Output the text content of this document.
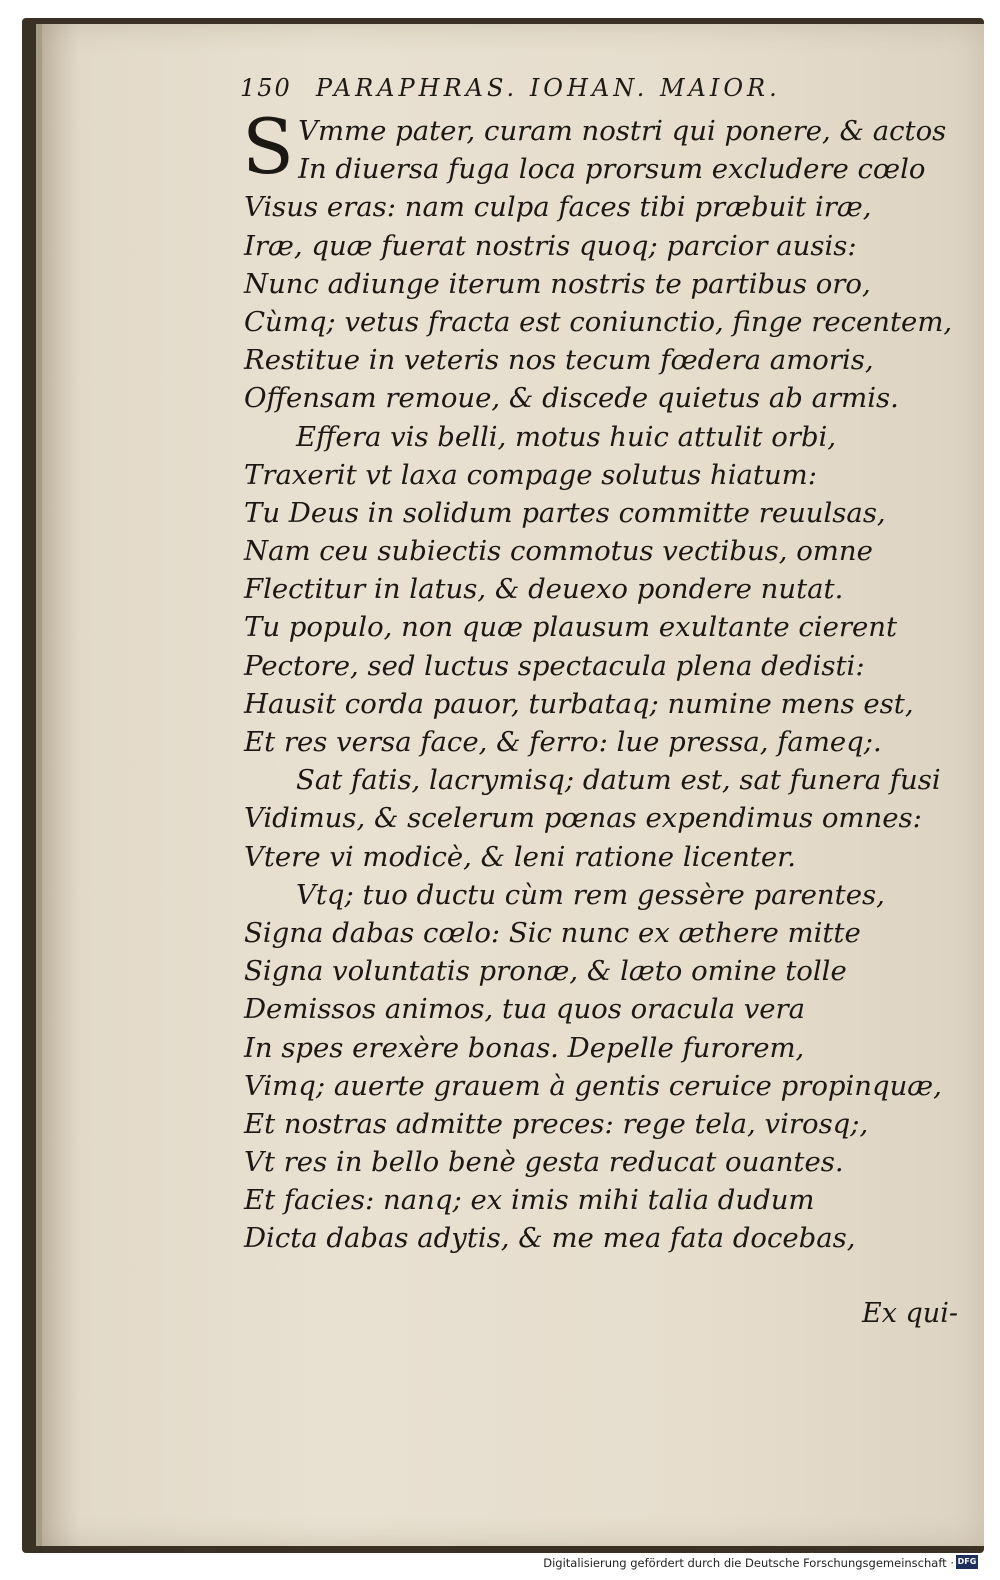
150 PARAPHRAS. IOHAN. MAIOR.
S Vmme pater, curam nostri qui ponere, & actos
In diuersa fuga loca prorsum excludere cœlo
Visus eras: nam culpa faces tibi præbuit iræ,
Iræ, quæ fuerat nostris quoq; parcior ausis:
Nunc adiunge iterum nostris te partibus oro,
Cùmq; vetus fracta est coniunctio, finge recentem,
Restitue in veteris nos tecum fœdera amoris,
Offensam remoue, & discede quietus ab armis.
Effera vis belli, motus huic attulit orbi,
Traxerit vt laxa compage solutus hiatum:
Tu Deus in solidum partes committe reuulsas,
Nam ceu subiectis commotus vectibus, omne
Flectitur in latus, & deuexo pondere nutat.
Tu populo, non quæ plausum exultante cierent
Pectore, sed luctus spectacula plena dedisti:
Hausit corda pauor, turbataq; numine mens est,
Et res versa face, & ferro: lue pressa, fameq;.
Sat fatis, lacrymisq; datum est, sat funera fusi
Vidimus, & scelerum pœnas expendimus omnes:
Vtere vi modicè, & leni ratione licenter.
Vtq; tuo ductu cùm rem gessère parentes,
Signa dabas cœlo: Sic nunc ex æthere mitte
Signa voluntatis pronæ, & læto omine tolle
Demissos animos, tua quos oracula vera
In spes erexère bonas. Depelle furorem,
Vimq; auerte grauem à gentis ceruice propinquæ,
Et nostras admitte preces: rege tela, virosq;,
Vt res in bello benè gesta reducat ouantes.
Et facies: nanq; ex imis mihi talia dudum
Dicta dabas adytis, & me mea fata docebas,
Ex qui-
Digitalisierung gefördert durch die Deutsche Forschungsgemeinschaft · DFG
